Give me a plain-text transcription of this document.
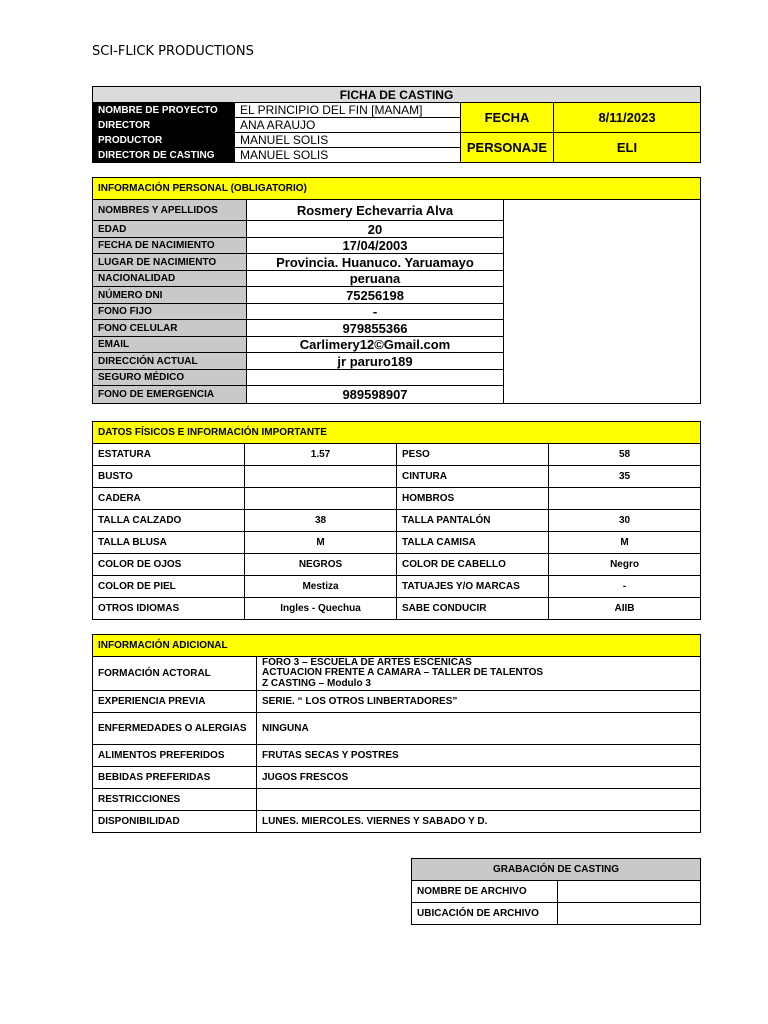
SCI-FLICK PRODUCTIONS
FICHA DE CASTING			
NOMBRE DE PROYECTO	EL PRINCIPIO DEL FIN [MANAM]	FECHA	8/11/2023
DIRECTOR	ANA ARAUJO		
PRODUCTOR	MANUEL SOLIS	PERSONAJE	ELI
DIRECTOR DE CASTING	MANUEL SOLIS		
INFORMACIÓN PERSONAL (OBLIGATORIO)		
NOMBRES Y APELLIDOS	Rosmery Echevarria Alva	
EDAD	20	
FECHA DE NACIMIENTO	17/04/2003	
LUGAR DE NACIMIENTO	Provincia. Huanuco. Yaruamayo	
NACIONALIDAD	peruana	
NÚMERO DNI	75256198	
FONO FIJO	-	
FONO CELULAR	979855366	
EMAIL	Carlimery12©Gmail.com	
DIRECCIÓN ACTUAL	jr paruro189	
SEGURO MÉDICO		
FONO DE EMERGENCIA	989598907	
DATOS FÍSICOS E INFORMACIÓN IMPORTANTE			
ESTATURA	1.57	PESO	58
BUSTO		CINTURA	35
CADERA		HOMBROS	
TALLA CALZADO	38	TALLA PANTALÓN	30
TALLA BLUSA	M	TALLA CAMISA	M
COLOR DE OJOS	NEGROS	COLOR DE CABELLO	Negro
COLOR DE PIEL	Mestiza	TATUAJES Y/O MARCAS	-
OTROS IDIOMAS	Ingles - Quechua	SABE CONDUCIR	AIIB
INFORMACIÓN ADICIONAL	
FORMACIÓN ACTORAL	FORO 3 – ESCUELA DE ARTES ESCENICAS
ACTUACION FRENTE A CAMARA – TALLER DE TALENTOS
Z CASTING – Modulo 3

EXPERIENCIA PREVIA	SERIE. “ LOS OTROS LINBERTADORES”
ENFERMEDADES O ALERGIAS	NINGUNA
ALIMENTOS PREFERIDOS	FRUTAS SECAS Y POSTRES
BEBIDAS PREFERIDAS	JUGOS FRESCOS
RESTRICCIONES	
DISPONIBILIDAD	LUNES. MIERCOLES. VIERNES Y SABADO Y D.
GRABACIÓN DE CASTING	
NOMBRE DE ARCHIVO	
UBICACIÓN DE ARCHIVO	
